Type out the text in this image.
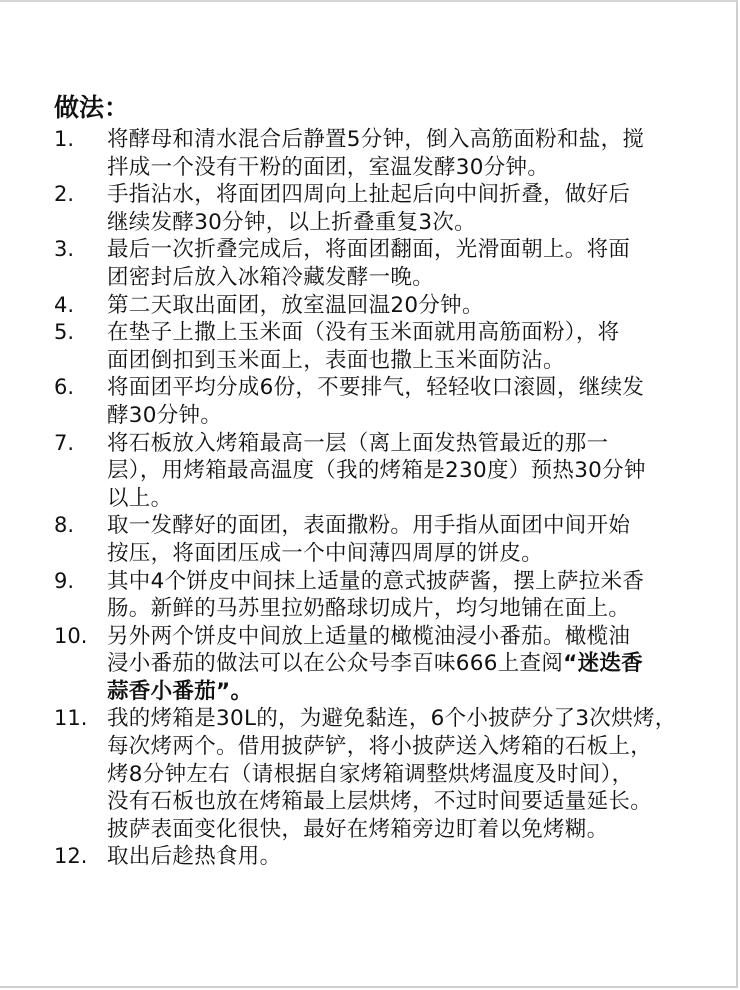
做法：
1.	将酵母和清水混合后静置5分钟，倒入高筋面粉和盐，搅
拌成一个没有干粉的面团，室温发酵30分钟。
2.	手指沾水，将面团四周向上扯起后向中间折叠，做好后
继续发酵30分钟，以上折叠重复3次。
3.	最后一次折叠完成后，将面团翻面，光滑面朝上。将面
团密封后放入冰箱冷藏发酵一晚。
4.	第二天取出面团，放室温回温20分钟。
5.	在垫子上撒上玉米面（没有玉米面就用高筋面粉），将
面团倒扣到玉米面上，表面也撒上玉米面防沾。
6.	将面团平均分成6份，不要排气，轻轻收口滚圆，继续发
酵30分钟。
7.	将石板放入烤箱最高一层（离上面发热管最近的那一
层），用烤箱最高温度（我的烤箱是230度）预热30分钟
以上。
8.	取一发酵好的面团，表面撒粉。用手指从面团中间开始
按压，将面团压成一个中间薄四周厚的饼皮。
9.	其中4个饼皮中间抹上适量的意式披萨酱，摆上萨拉米香
肠。新鲜的马苏里拉奶酪球切成片，均匀地铺在面上。
10. 另外两个饼皮中间放上适量的橄榄油浸小番茄。橄榄油
浸小番茄的做法可以在公众号李百味666上查阅“迷迭香
蒜香小番茄”。
11. 我的烤箱是30L的，为避免黏连，6个小披萨分了3次烘烤，
每次烤两个。借用披萨铲，将小披萨送入烤箱的石板上，
烤8分钟左右（请根据自家烤箱调整烘烤温度及时间），
没有石板也放在烤箱最上层烘烤，不过时间要适量延长。
披萨表面变化很快，最好在烤箱旁边盯着以免烤糊。
12. 取出后趁热食用。
